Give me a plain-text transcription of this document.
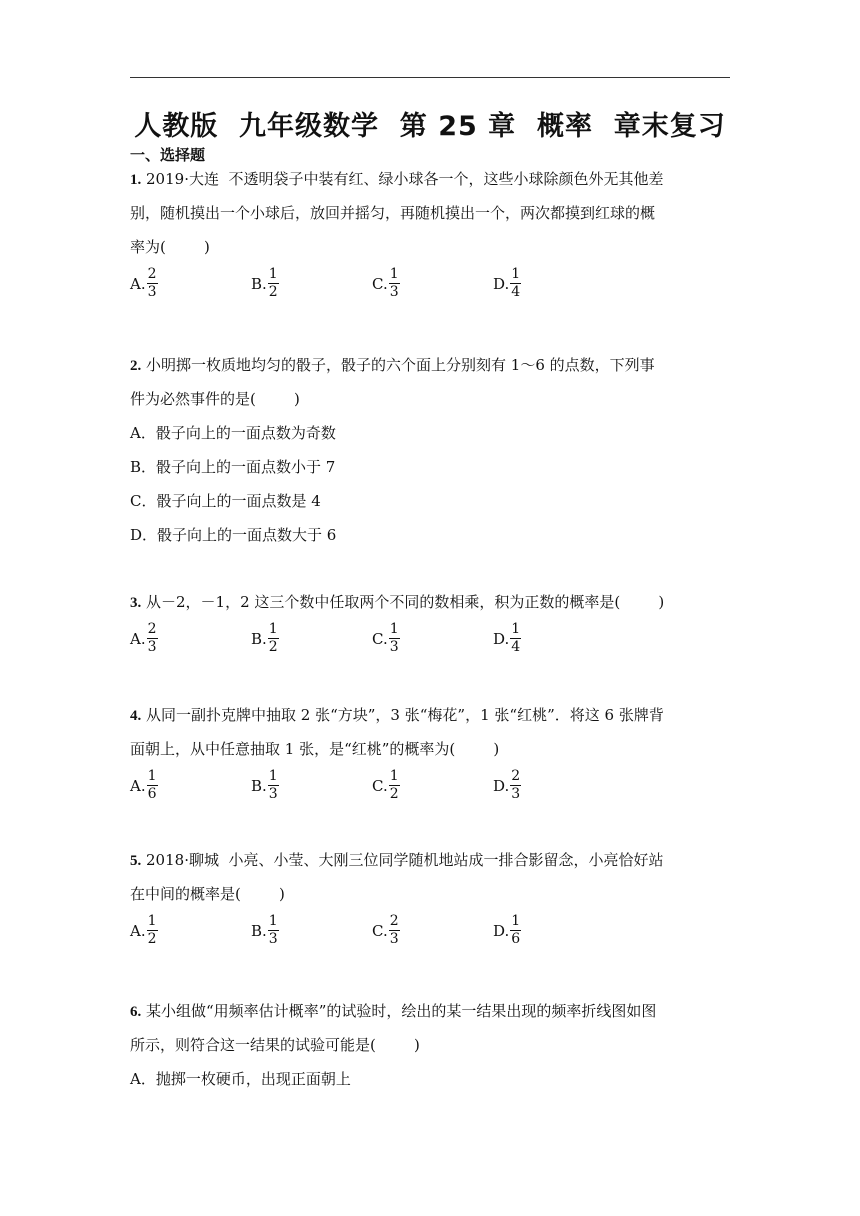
人教版  九年级数学  第 25 章  概率  章末复习
一、选择题
1. 2019·大连  不透明袋子中装有红、绿小球各一个，这些小球除颜色外无其他差
别，随机摸出一个小球后，放回并摇匀，再随机摸出一个，两次都摸到红球的概
率为(        )
A. $\frac{2}{3}$	B. $\frac{1}{2}$	C. $\frac{1}{3}$	D. $\frac{1}{4}$
2. 小明掷一枚质地均匀的骰子，骰子的六个面上分别刻有 1～6 的点数，下列事
件为必然事件的是(        )
A．骰子向上的一面点数为奇数
B．骰子向上的一面点数小于 7
C．骰子向上的一面点数是 4
D．骰子向上的一面点数大于 6
3. 从－2，－1，2 这三个数中任取两个不同的数相乘，积为正数的概率是(        )
A. $\frac{2}{3}$	B. $\frac{1}{2}$	C. $\frac{1}{3}$	D. $\frac{1}{4}$
4. 从同一副扑克牌中抽取 2 张“方块”，3 张“梅花”，1 张“红桃”．将这 6 张牌背
面朝上，从中任意抽取 1 张，是“红桃”的概率为(        )
A. $\frac{1}{6}$	B. $\frac{1}{3}$	C. $\frac{1}{2}$	D. $\frac{2}{3}$
5. 2018·聊城  小亮、小莹、大刚三位同学随机地站成一排合影留念，小亮恰好站
在中间的概率是(        )
A. $\frac{1}{2}$	B. $\frac{1}{3}$	C. $\frac{2}{3}$	D. $\frac{1}{6}$
6. 某小组做“用频率估计概率”的试验时，绘出的某一结果出现的频率折线图如图
所示，则符合这一结果的试验可能是(        )
A．抛掷一枚硬币，出现正面朝上
